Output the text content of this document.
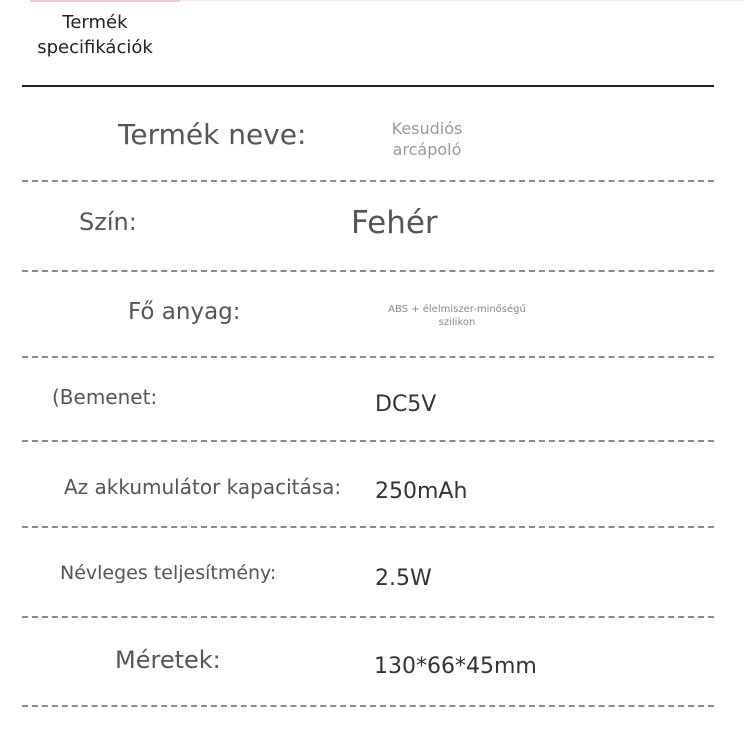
Termék
specifikációk
Termék neve:	Kesudiós
arcápoló
Szín:	Fehér
Fő anyag:	ABS + élelmiszer-minőségű
szilikon
(Bemenet:	DC5V
Az akkumulátor kapacitása: 250mAh
Névleges teljesítmény:	2.5W
Méretek:	130*66*45mm
